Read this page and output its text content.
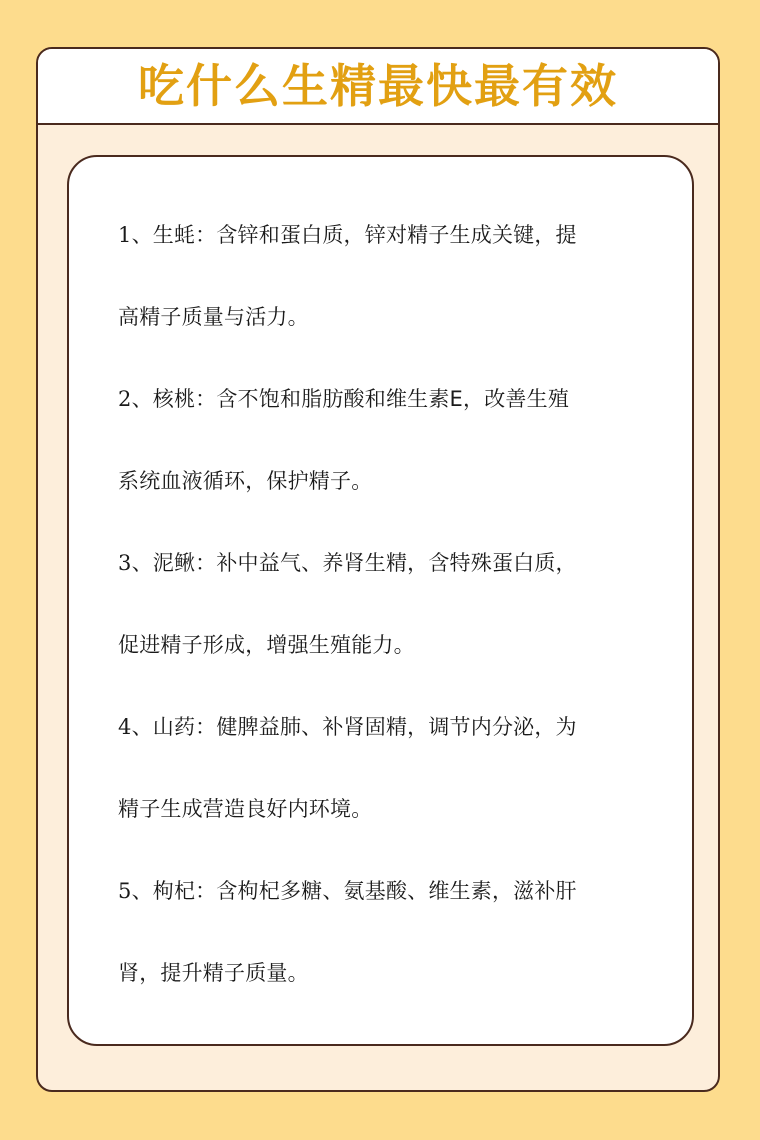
吃什么生精最快最有效
1、生蚝：含锌和蛋白质，锌对精子生成关键，提
高精子质量与活力。
2、核桃：含不饱和脂肪酸和维生素E，改善生殖
系统血液循环，保护精子。
3、泥鳅：补中益气、养肾生精，含特殊蛋白质，
促进精子形成，增强生殖能力。
4、山药：健脾益肺、补肾固精，调节内分泌，为
精子生成营造良好内环境。
5、枸杞：含枸杞多糖、氨基酸、维生素，滋补肝
肾，提升精子质量。
